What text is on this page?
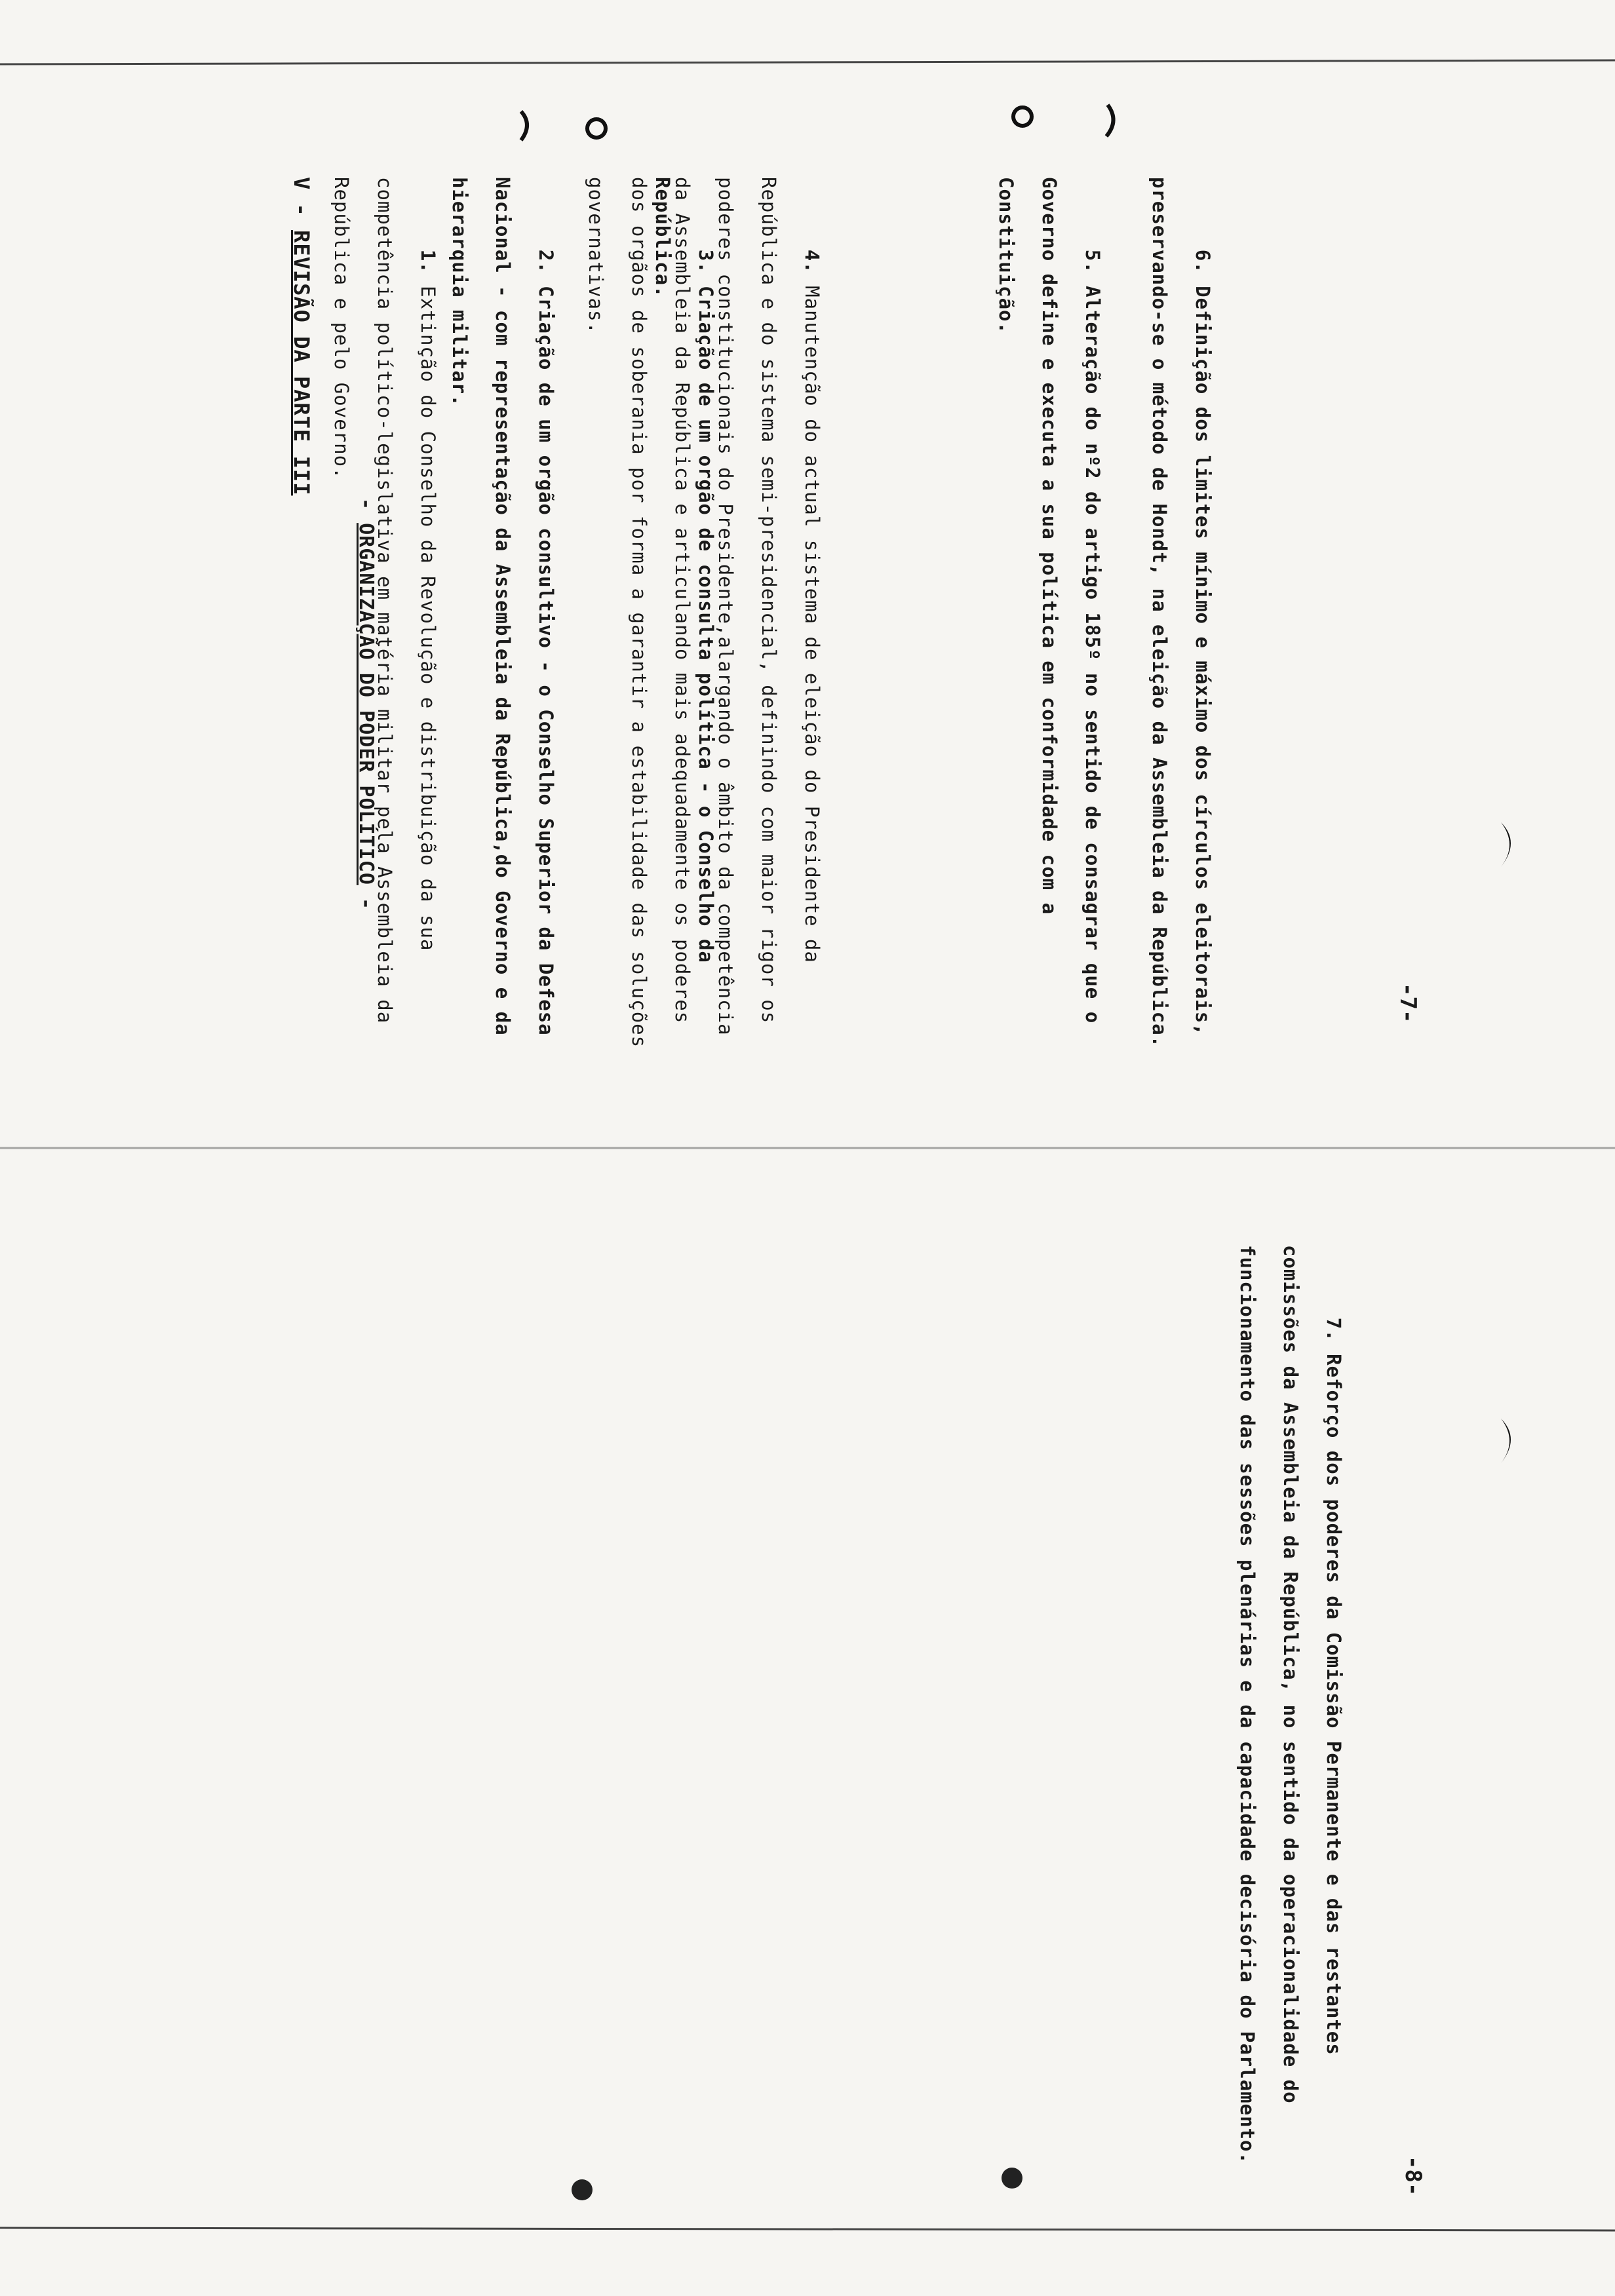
-7-
V - REVISÃO DA PARTE III
- ORGANIZAÇÃO DO PODER POLÍTICO -

1. Extinção do Conselho da Revolução e distribuição da sua competência político-legislativa em matéria militar pela Assembleia da República e pelo Governo.
	2. Criação de um orgão consultivo - o Conselho Superior da Defesa Nacional - com representação da Assembleia da República,do Governo e da hierarquia militar.
	3. Criação de um orgão de consulta política - o Conselho da República.
	4. Manutenção do actual sistema de eleição do Presidente da República e do sistema semi-presidencial, definindo com maior rigor os poderes constitucionais do Presidente,alargando o âmbito da competência da Assembleia da República e articulando mais adequadamente os poderes dos orgãos de soberania por forma a garantir a estabilidade das soluções governativas.
	5. Alteração do nº2 do artigo 185º no sentido de consagrar que o Governo define e executa a sua política em conformidade com a Constituição.
	6. Definição dos limites mínimo e máximo dos círculos eleitorais, preservando-se o método de Hondt, na eleição da Assembleia da República.

-8-

7. Reforço dos poderes da Comissão Permanente e das restantes comissões da Assembleia da República, no sentido da operacionalidade do funcionamento das sessões plenárias e da capacidade decisória do Parlamento.
